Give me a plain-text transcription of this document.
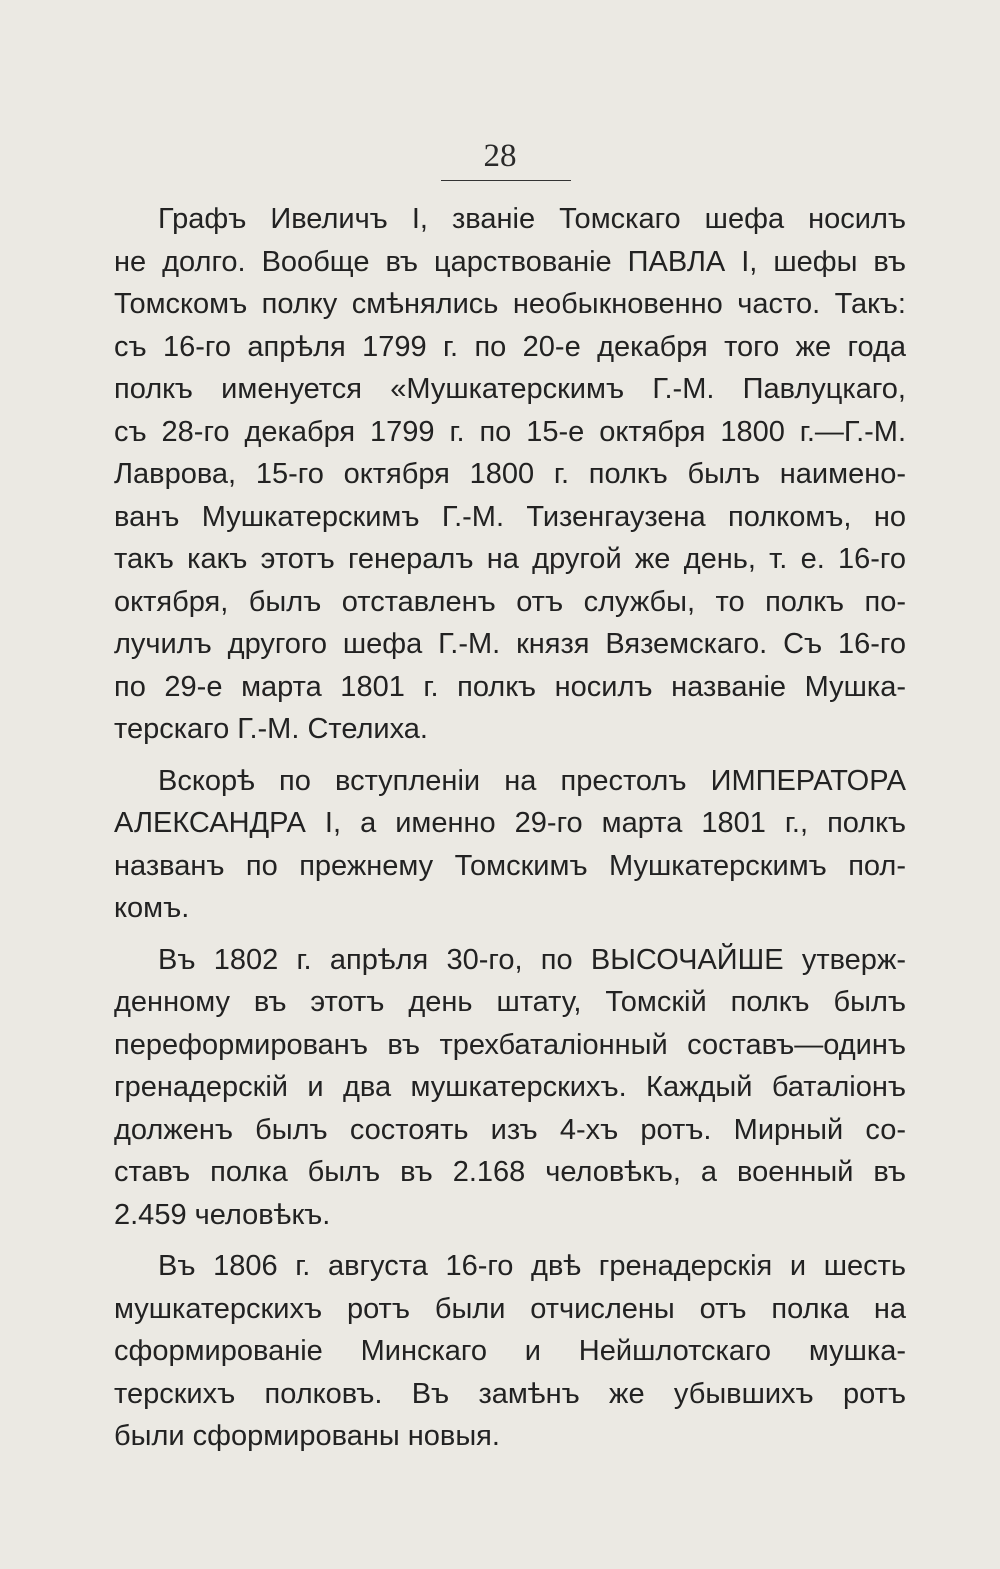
28

Графъ Ивеличъ I, званіе Томскаго шефа носилъ
не долго. Вообще въ царствованіе ПАВЛА I, шефы въ
Томскомъ полку смѣнялись необыкновенно часто. Такъ:
съ 16-го апрѣля 1799 г. по 20-е декабря того же года
полкъ именуется «Мушкатерскимъ Г.-М. Павлуцкаго,
съ 28-го декабря 1799 г. по 15-е октября 1800 г.—Г.-М.
Лаврова, 15-го октября 1800 г. полкъ былъ наимено-
ванъ Мушкатерскимъ Г.-М. Тизенгаузена полкомъ, но
такъ какъ этотъ генералъ на другой же день, т. е. 16-го
октября, былъ отставленъ отъ службы, то полкъ по-
лучилъ другого шефа Г.-М. князя Вяземскаго. Съ 16-го
по 29-е марта 1801 г. полкъ носилъ названіе Мушка-
терскаго Г.-М. Стелиха.

Вскорѣ по вступленіи на престолъ ИМПЕРАТОРА
АЛЕКСАНДРА I, а именно 29-го марта 1801 г., полкъ
названъ по прежнему Томскимъ Мушкатерскимъ пол-
комъ.

Въ 1802 г. апрѣля 30-го, по ВЫСОЧАЙШЕ утверж-
денному въ этотъ день штату, Томскій полкъ былъ
переформированъ въ трехбаталіонный составъ—одинъ
гренадерскій и два мушкатерскихъ. Каждый баталіонъ
долженъ былъ состоять изъ 4-хъ ротъ. Мирный со-
ставъ полка былъ въ 2.168 человѣкъ, а военный въ
2.459 человѣкъ.

Въ 1806 г. августа 16-го двѣ гренадерскія и шесть
мушкатерскихъ ротъ были отчислены отъ полка на
сформированіе Минскаго и Нейшлотскаго мушка-
терскихъ полковъ. Въ замѣнъ же убывшихъ ротъ
были сформированы новыя.
